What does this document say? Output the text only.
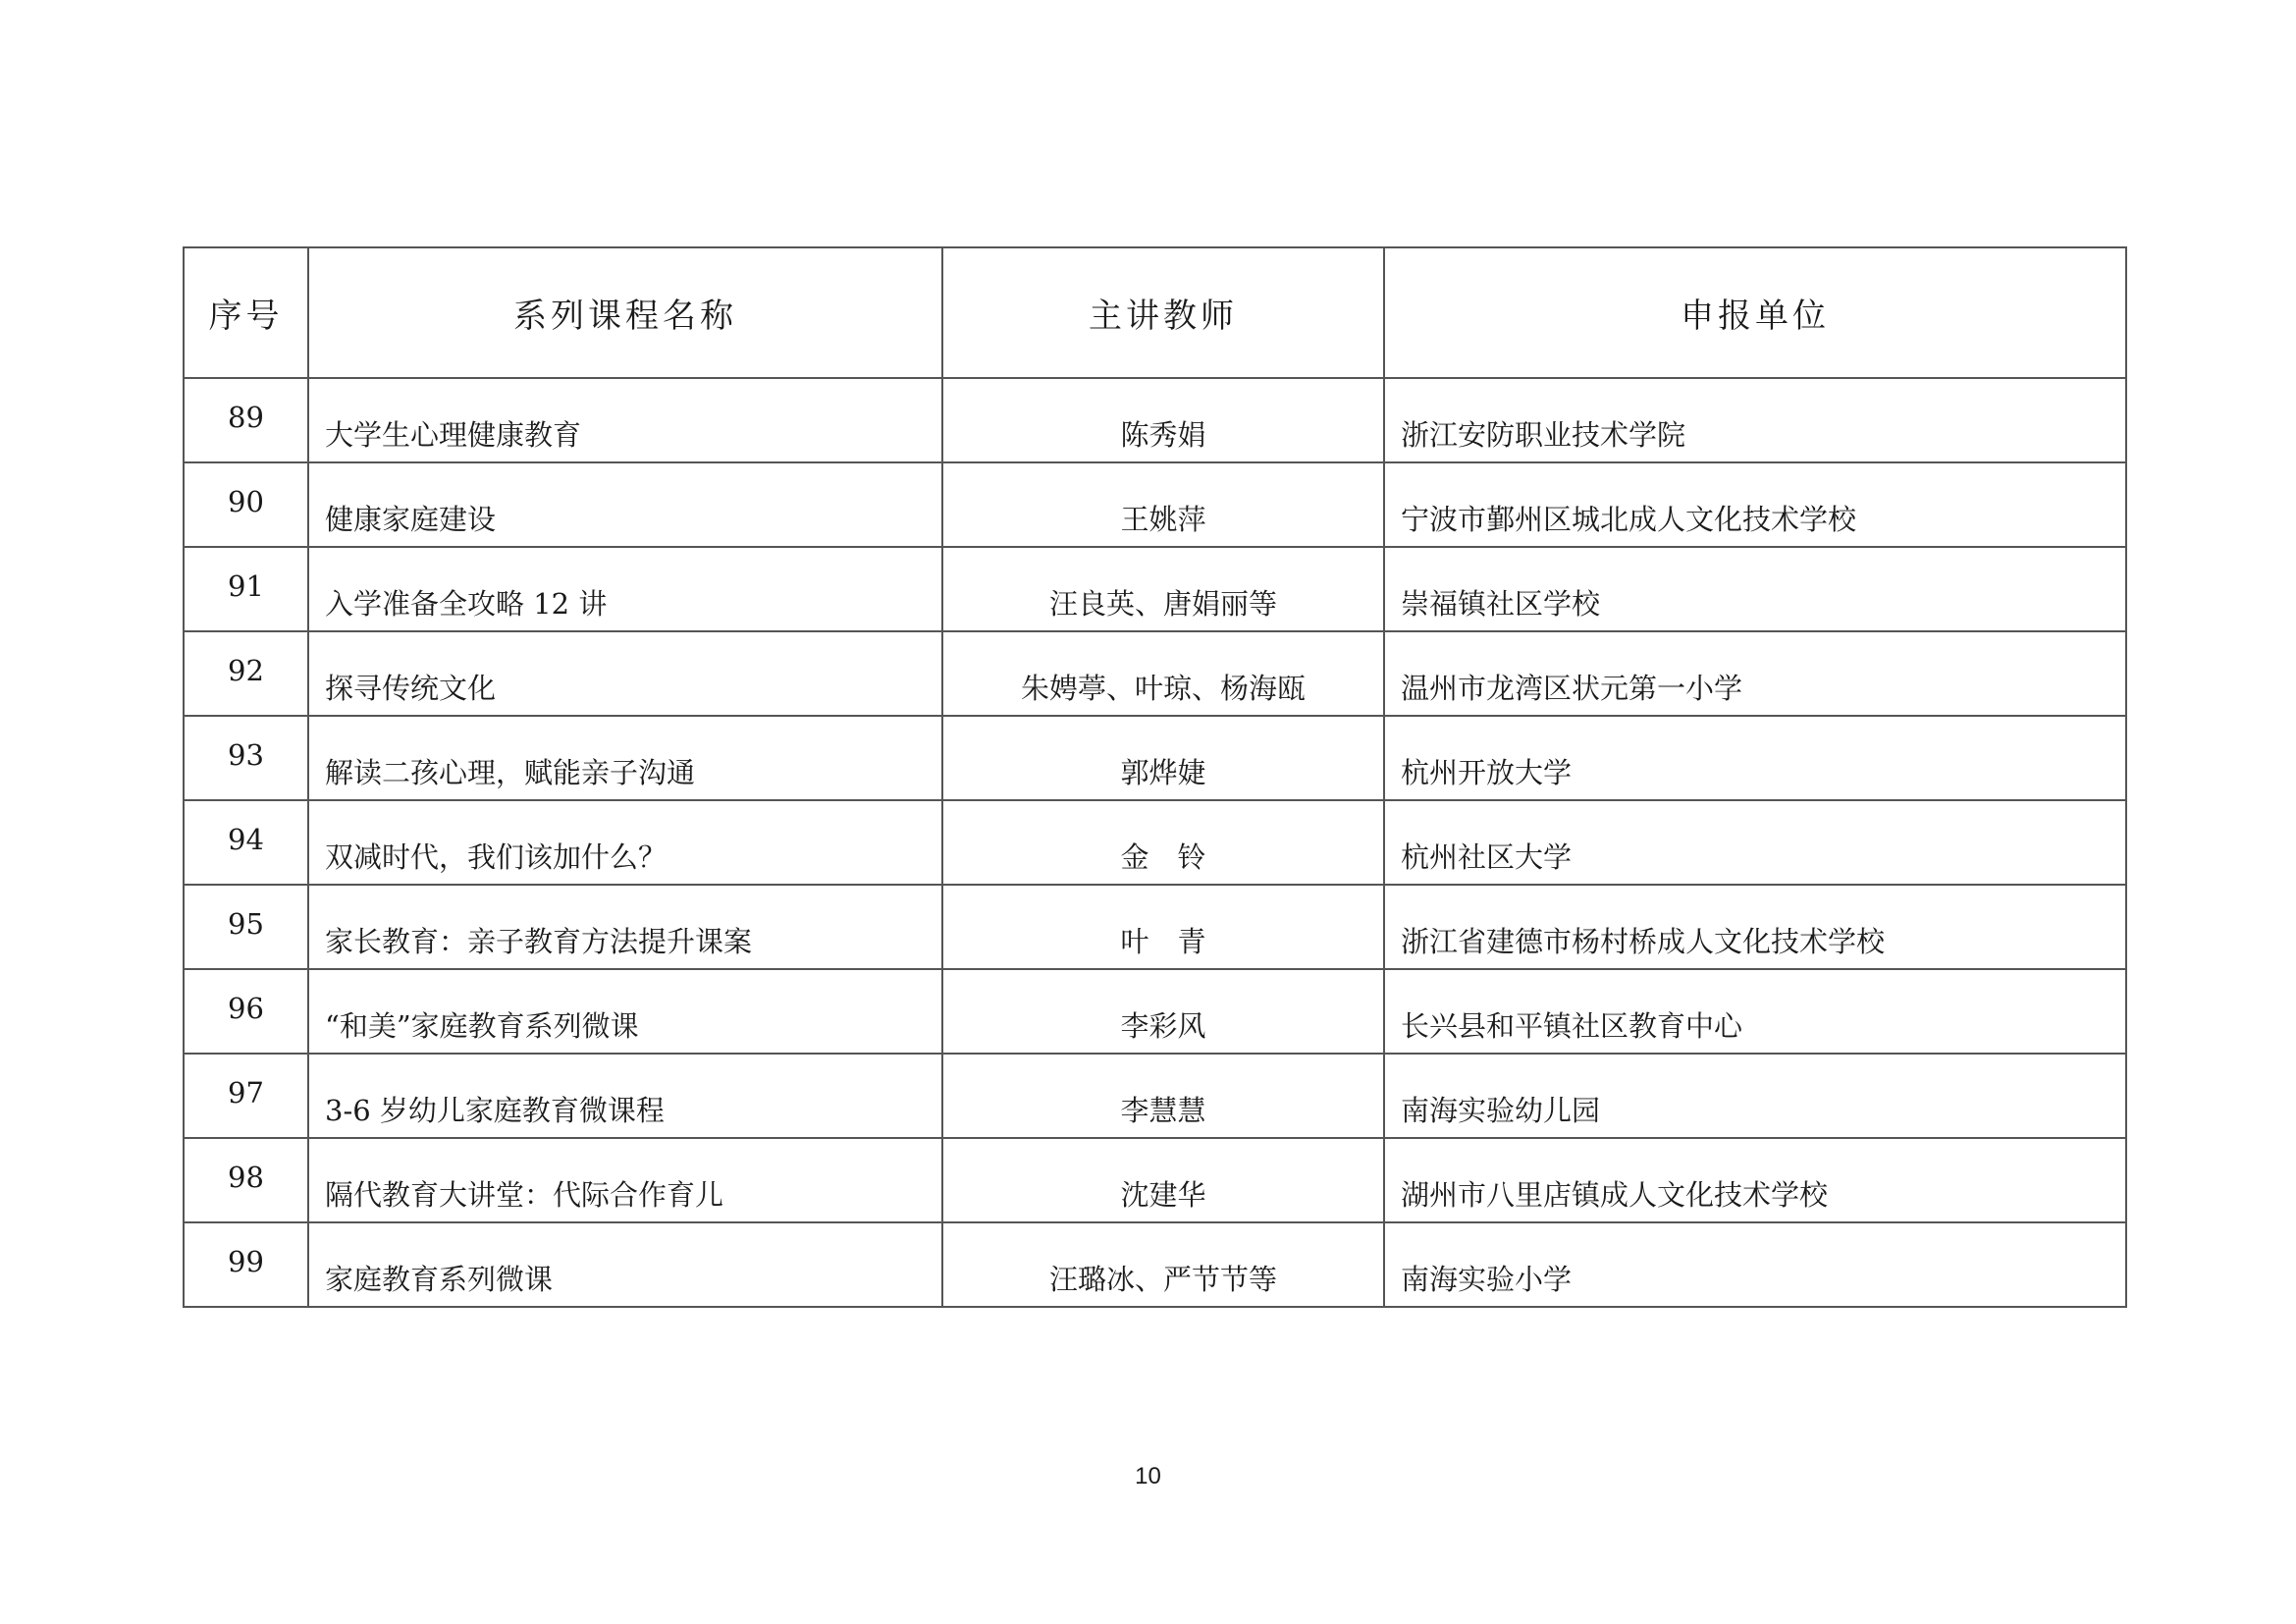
序号	系列课程名称	主讲教师	申报单位
89	大学生心理健康教育	陈秀娟	浙江安防职业技术学院
90	健康家庭建设	王姚萍	宁波市鄞州区城北成人文化技术学校
91	入学准备全攻略 12 讲	汪良英、唐娟丽等	崇福镇社区学校
92	探寻传统文化	朱娉葶、叶琼、杨海瓯	温州市龙湾区状元第一小学
93	解读二孩心理，赋能亲子沟通	郭烨婕	杭州开放大学
94	双减时代，我们该加什么？	金　铃	杭州社区大学
95	家长教育：亲子教育方法提升课案	叶　青	浙江省建德市杨村桥成人文化技术学校
96	“和美”家庭教育系列微课	李彩风	长兴县和平镇社区教育中心
97	3-6 岁幼儿家庭教育微课程	李慧慧	南海实验幼儿园
98	隔代教育大讲堂：代际合作育儿	沈建华	湖州市八里店镇成人文化技术学校
99	家庭教育系列微课	汪璐冰、严节节等	南海实验小学
10
